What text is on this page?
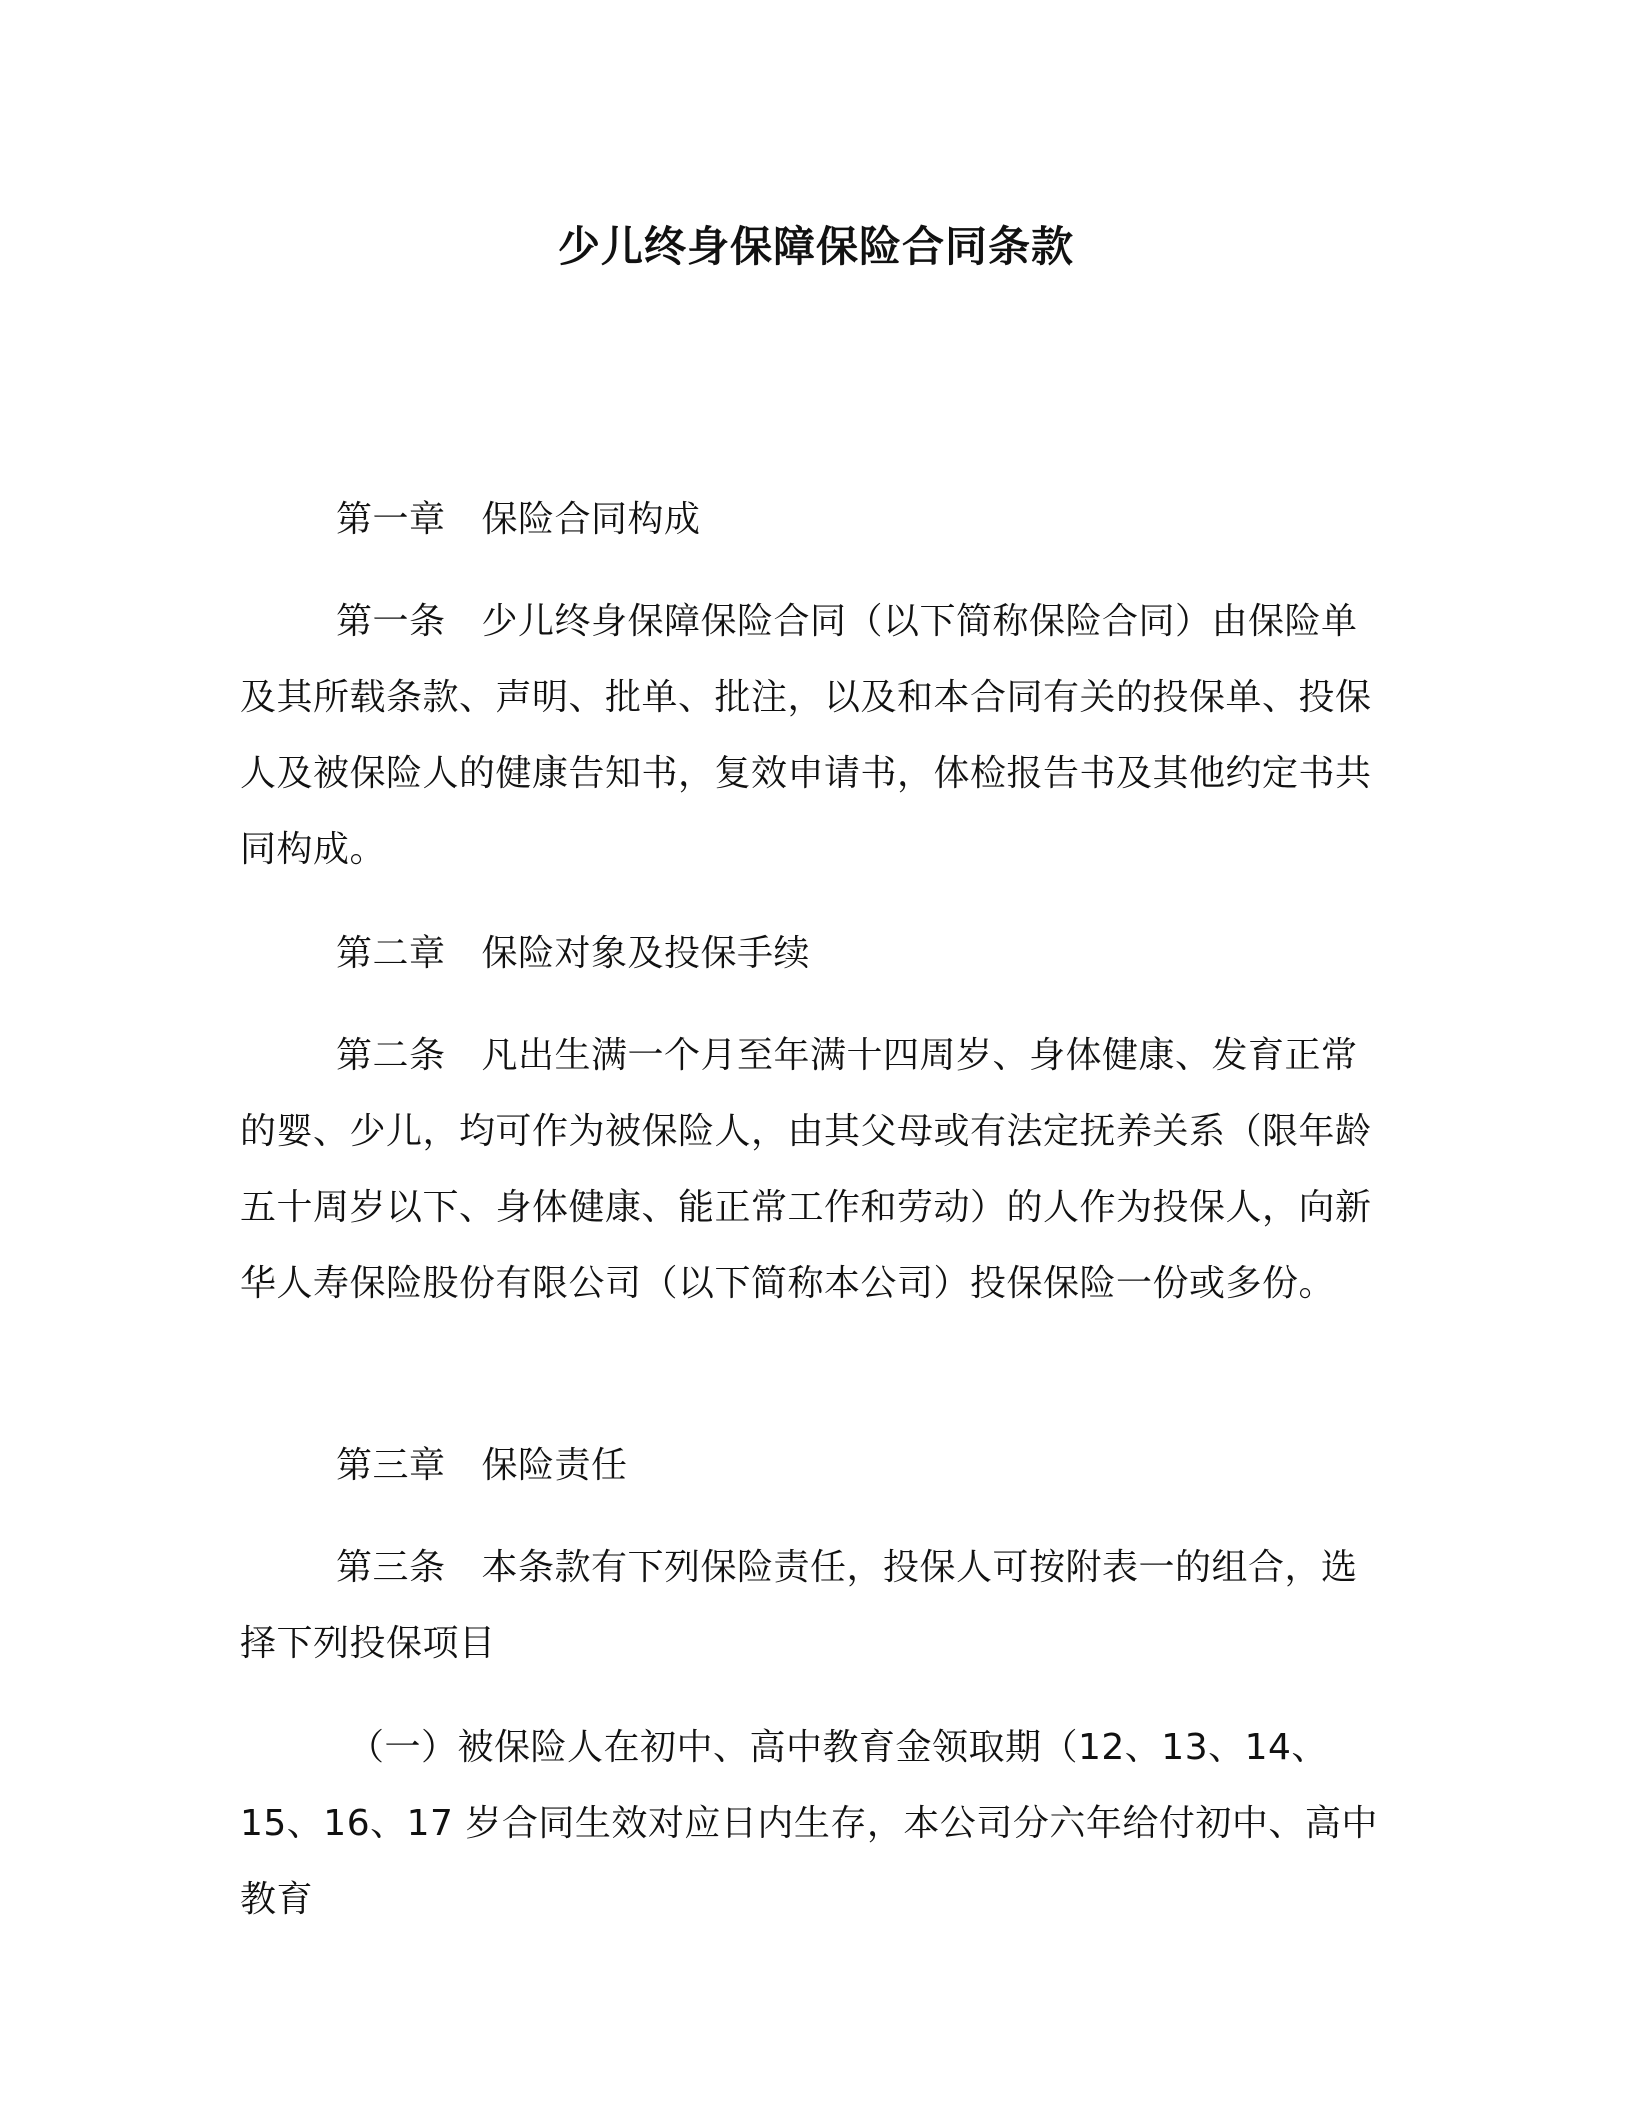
少儿终身保障保险合同条款
第一章 保险合同构成
第一条 少儿终身保障保险合同（以下简称保险合同）由保险单及其所载条款、声明、批单、批注，以及和本合同有关的投保单、投保人及被保险人的健康告知书，复效申请书，体检报告书及其他约定书共同构成。
第二章 保险对象及投保手续
第二条 凡出生满一个月至年满十四周岁、身体健康、发育正常的婴、少儿，均可作为被保险人，由其父母或有法定抚养关系（限年龄五十周岁以下、身体健康、能正常工作和劳动）的人作为投保人，向新华人寿保险股份有限公司（以下简称本公司）投保保险一份或多份。
第三章 保险责任
第三条 本条款有下列保险责任，投保人可按附表一的组合，选择下列投保项目
（一）被保险人在初中、高中教育金领取期（12、13、14、15、16、17 岁合同生效对应日内生存，本公司分六年给付初中、高中教育
